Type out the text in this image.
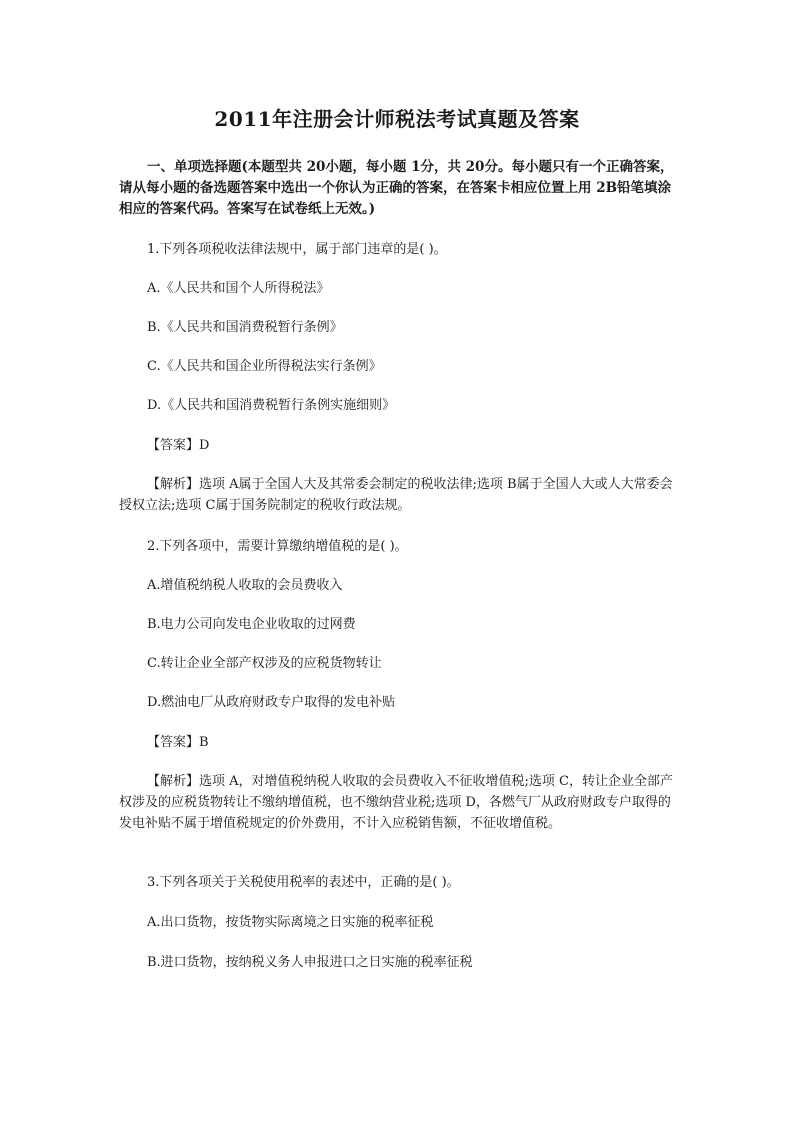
2011年注册会计师税法考试真题及答案
一、单项选择题(本题型共 20小题，每小题 1分，共 20分。每小题只有一个正确答案，请从每小题的备选题答案中选出一个你认为正确的答案，在答案卡相应位置上用 2B铅笔填涂相应的答案代码。答案写在试卷纸上无效。)
1.下列各项税收法律法规中，属于部门违章的是( )。
A.《人民共和国个人所得税法》
B.《人民共和国消费税暂行条例》
C.《人民共和国企业所得税法实行条例》
D.《人民共和国消费税暂行条例实施细则》
【答案】D
【解析】选项 A属于全国人大及其常委会制定的税收法律;选项 B属于全国人大或人大常委会授权立法;选项 C属于国务院制定的税收行政法规。
2.下列各项中，需要计算缴纳增值税的是( )。
A.增值税纳税人收取的会员费收入
B.电力公司向发电企业收取的过网费
C.转让企业全部产权涉及的应税货物转让
D.燃油电厂从政府财政专户取得的发电补贴
【答案】B
【解析】选项 A，对增值税纳税人收取的会员费收入不征收增值税;选项 C，转让企业全部产权涉及的应税货物转让不缴纳增值税，也不缴纳营业税;选项 D，各燃气厂从政府财政专户取得的发电补贴不属于增值税规定的价外费用，不计入应税销售额，不征收增值税。
3.下列各项关于关税使用税率的表述中，正确的是( )。
A.出口货物，按货物实际离境之日实施的税率征税
B.进口货物，按纳税义务人申报进口之日实施的税率征税
